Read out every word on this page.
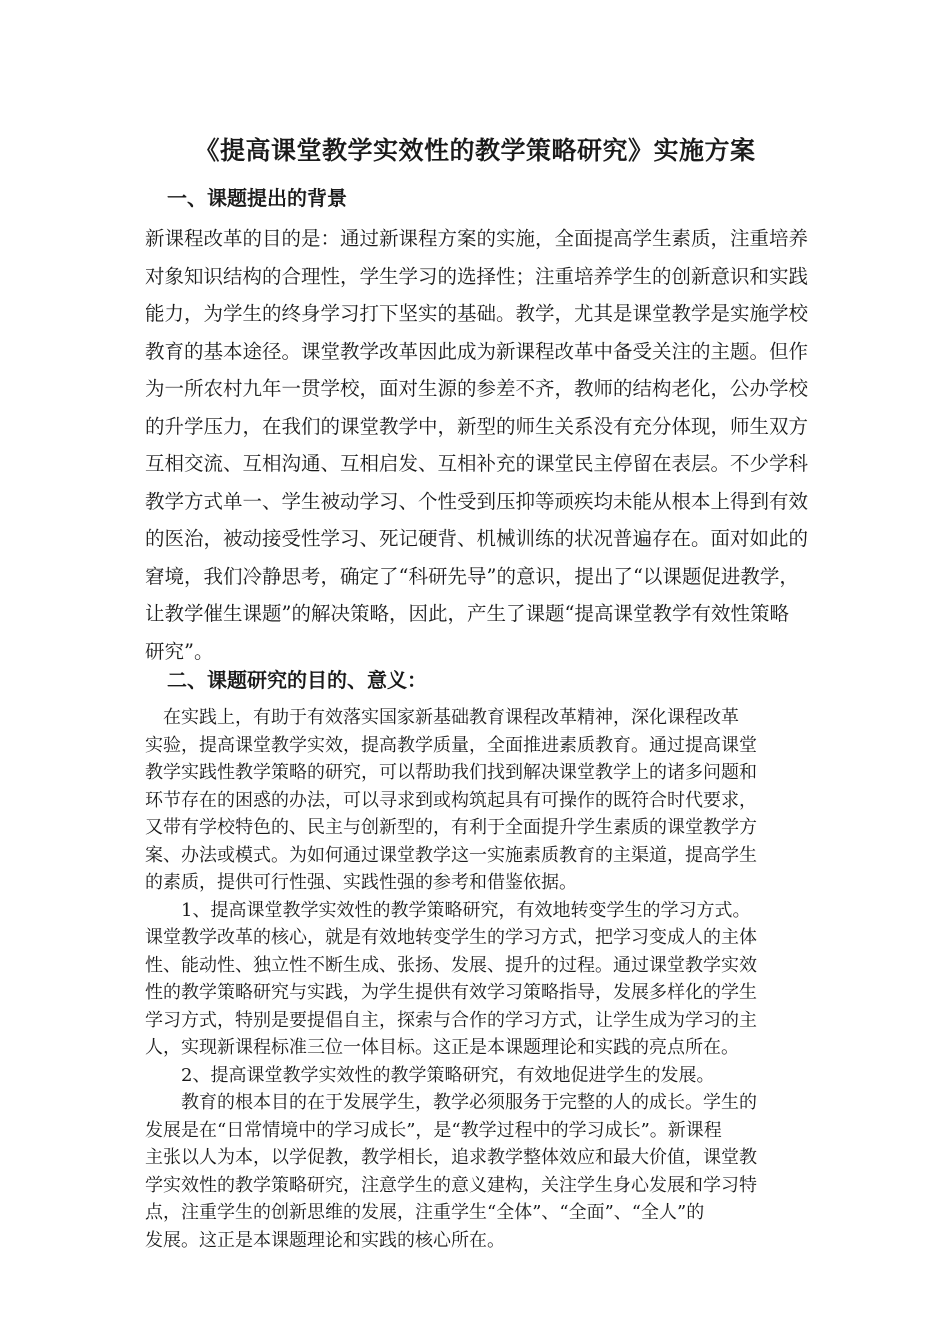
《提高课堂教学实效性的教学策略研究》实施方案
一、课题提出的背景
新课程改革的目的是：通过新课程方案的实施，全面提高学生素质，注重培养
对象知识结构的合理性，学生学习的选择性；注重培养学生的创新意识和实践
能力，为学生的终身学习打下坚实的基础。教学，尤其是课堂教学是实施学校
教育的基本途径。课堂教学改革因此成为新课程改革中备受关注的主题。但作
为一所农村九年一贯学校，面对生源的参差不齐，教师的结构老化，公办学校
的升学压力，在我们的课堂教学中，新型的师生关系没有充分体现，师生双方
互相交流、互相沟通、互相启发、互相补充的课堂民主停留在表层。不少学科
教学方式单一、学生被动学习、个性受到压抑等顽疾均未能从根本上得到有效
的医治，被动接受性学习、死记硬背、机械训练的状况普遍存在。面对如此的
窘境，我们冷静思考，确定了“科研先导”的意识，提出了“以课题促进教学，
让教学催生课题”的解决策略，因此，产生了课题“提高课堂教学有效性策略
研究”。
二、课题研究的目的、意义：
　在实践上，有助于有效落实国家新基础教育课程改革精神，深化课程改革
实验，提高课堂教学实效，提高教学质量，全面推进素质教育。通过提高课堂
教学实践性教学策略的研究，可以帮助我们找到解决课堂教学上的诸多问题和
环节存在的困惑的办法，可以寻求到或构筑起具有可操作的既符合时代要求，
又带有学校特色的、民主与创新型的，有利于全面提升学生素质的课堂教学方
案、办法或模式。为如何通过课堂教学这一实施素质教育的主渠道，提高学生
的素质，提供可行性强、实践性强的参考和借鉴依据。
　　1、提高课堂教学实效性的教学策略研究，有效地转变学生的学习方式。
课堂教学改革的核心，就是有效地转变学生的学习方式，把学习变成人的主体
性、能动性、独立性不断生成、张扬、发展、提升的过程。通过课堂教学实效
性的教学策略研究与实践，为学生提供有效学习策略指导，发展多样化的学生
学习方式，特别是要提倡自主，探索与合作的学习方式，让学生成为学习的主
人，实现新课程标准三位一体目标。这正是本课题理论和实践的亮点所在。
　　2、提高课堂教学实效性的教学策略研究，有效地促进学生的发展。
　　教育的根本目的在于发展学生，教学必须服务于完整的人的成长。学生的
发展是在“日常情境中的学习成长”，是“教学过程中的学习成长”。新课程
主张以人为本，以学促教，教学相长，追求教学整体效应和最大价值，课堂教
学实效性的教学策略研究，注意学生的意义建构，关注学生身心发展和学习特
点，注重学生的创新思维的发展，注重学生“全体”、“全面”、“全人”的
发展。这正是本课题理论和实践的核心所在。
